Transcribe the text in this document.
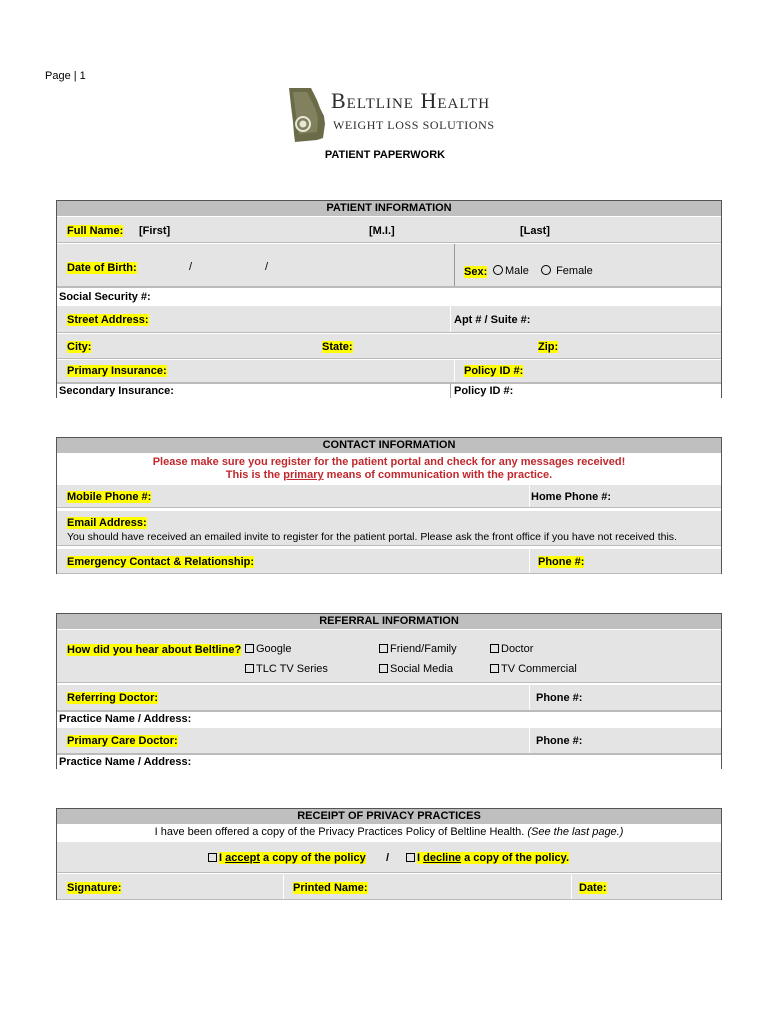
Page | 1
Beltline Health
WEIGHT LOSS SOLUTIONS
PATIENT PAPERWORK
PATIENT INFORMATION
Full Name: [First]	[M.I.]	[Last]
Date of Birth:	/	/	Sex:	Male	Female
Social Security #:
Street Address:	Apt # / Suite #:
City:	State:	Zip:
Primary Insurance:	Policy ID #:
Secondary Insurance:	Policy ID #:
CONTACT INFORMATION
Please make sure you register for the patient portal and check for any messages received!
This is the primary means of communication with the practice.
Mobile Phone #:	Home Phone #:
Email Address:
You should have received an emailed invite to register for the patient portal. Please ask the front office if you have not received this.
Emergency Contact & Relationship:	Phone #:
REFERRAL INFORMATION
How did you hear about Beltline?	Google	Friend/Family	Doctor
TLC TV Series	Social Media	TV Commercial
Referring Doctor:	Phone #:
Practice Name / Address:
Primary Care Doctor:	Phone #:
Practice Name / Address:
RECEIPT OF PRIVACY PRACTICES
I have been offered a copy of the Privacy Practices Policy of Beltline Health. (See the last page.)
I accept a copy of the policy /	I decline a copy of the policy.
Signature:	Printed Name:	Date:
